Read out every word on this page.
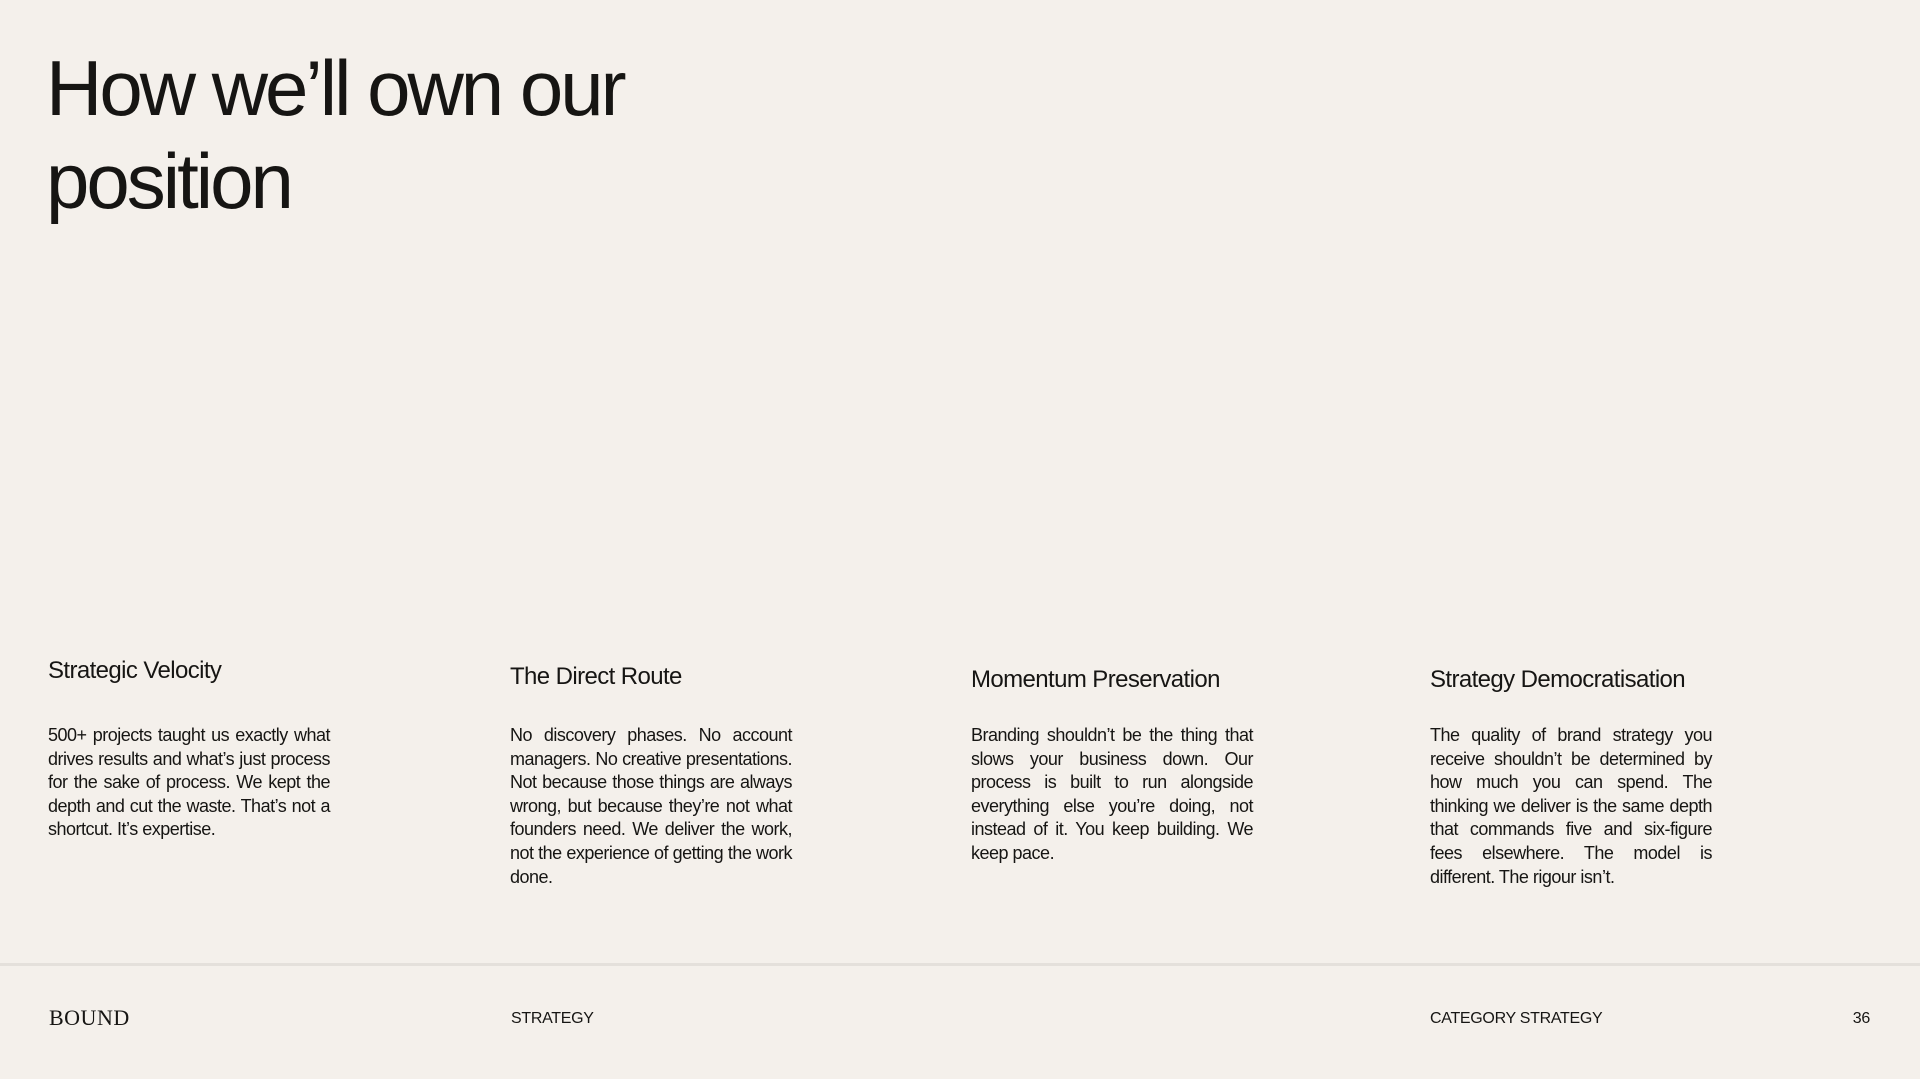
How we’ll own our position
Strategic Velocity

500+ projects taught us exactly what drives results and what’s just process for the sake of process. We kept the depth and cut the waste. That’s not a shortcut. It’s expertise.

The Direct Route

No discovery phases. No account managers. No creative presentations. Not because those things are always wrong, but because they’re not what founders need. We deliver the work, not the experience of getting the work done.

Momentum Preservation

Branding shouldn’t be the thing that slows your business down. Our process is built to run alongside everything else you’re doing, not instead of it. You keep building. We keep pace.

Strategy Democratisation

The quality of brand strategy you receive shouldn’t be determined by how much you can spend. The thinking we deliver is the same depth that commands five and six-figure fees elsewhere. The model is different. The rigour isn’t.

BOUND	STRATEGY	CATEGORY STRATEGY	36
